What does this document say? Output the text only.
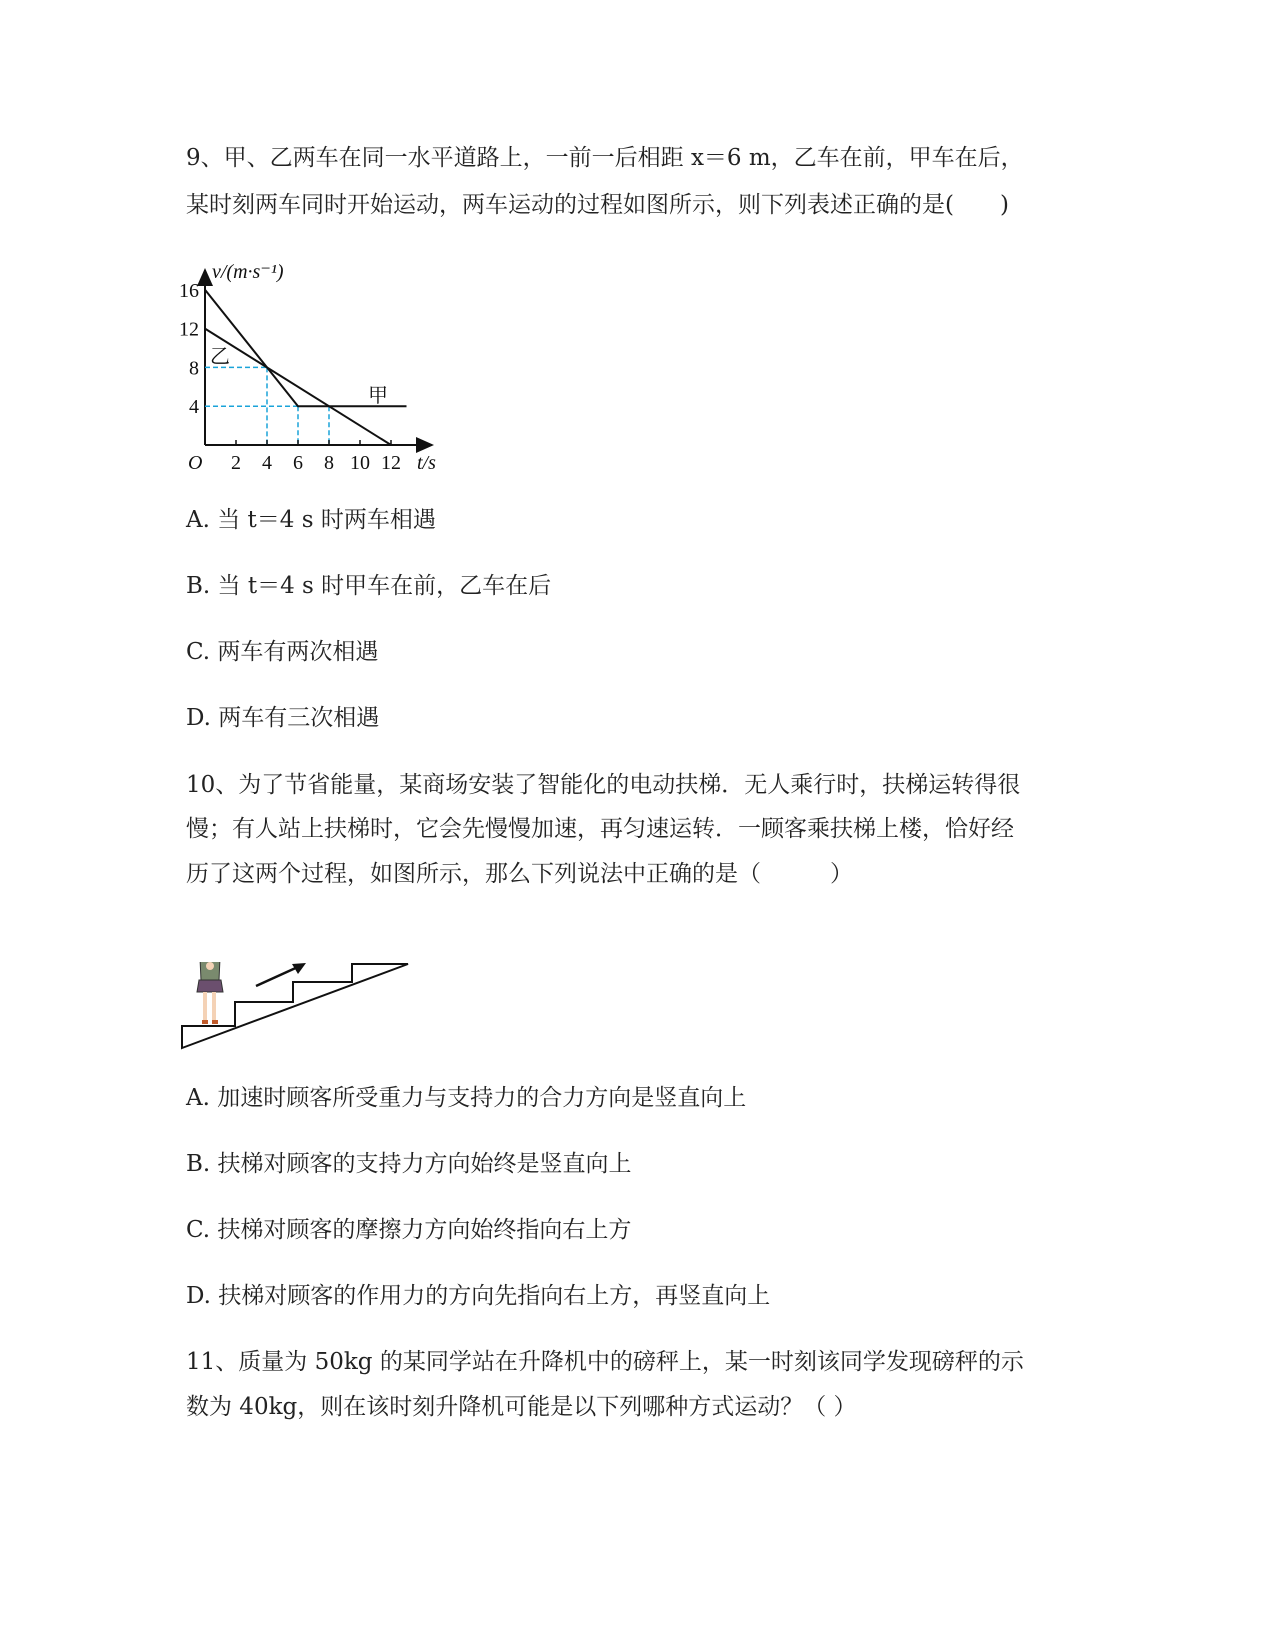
9、甲、乙两车在同一水平道路上，一前一后相距 x＝6 m，乙车在前，甲车在后，
某时刻两车同时开始运动，两车运动的过程如图所示，则下列表述正确的是(　　)
2 4 6 8 10 12
4
8
12
16
v/(m·s⁻¹)
t/s
O
乙
甲
A. 当 t＝4 s 时两车相遇
B. 当 t＝4 s 时甲车在前，乙车在后
C. 两车有两次相遇
D. 两车有三次相遇
10、为了节省能量，某商场安装了智能化的电动扶梯．无人乘行时，扶梯运转得很
慢；有人站上扶梯时，它会先慢慢加速，再匀速运转．一顾客乘扶梯上楼，恰好经
历了这两个过程，如图所示，那么下列说法中正确的是（　　　）
A. 加速时顾客所受重力与支持力的合力方向是竖直向上
B. 扶梯对顾客的支持力方向始终是竖直向上
C. 扶梯对顾客的摩擦力方向始终指向右上方
D. 扶梯对顾客的作用力的方向先指向右上方，再竖直向上
11、质量为 50kg 的某同学站在升降机中的磅秤上，某一时刻该同学发现磅秤的示
数为 40kg，则在该时刻升降机可能是以下列哪种方式运动？（ ）
